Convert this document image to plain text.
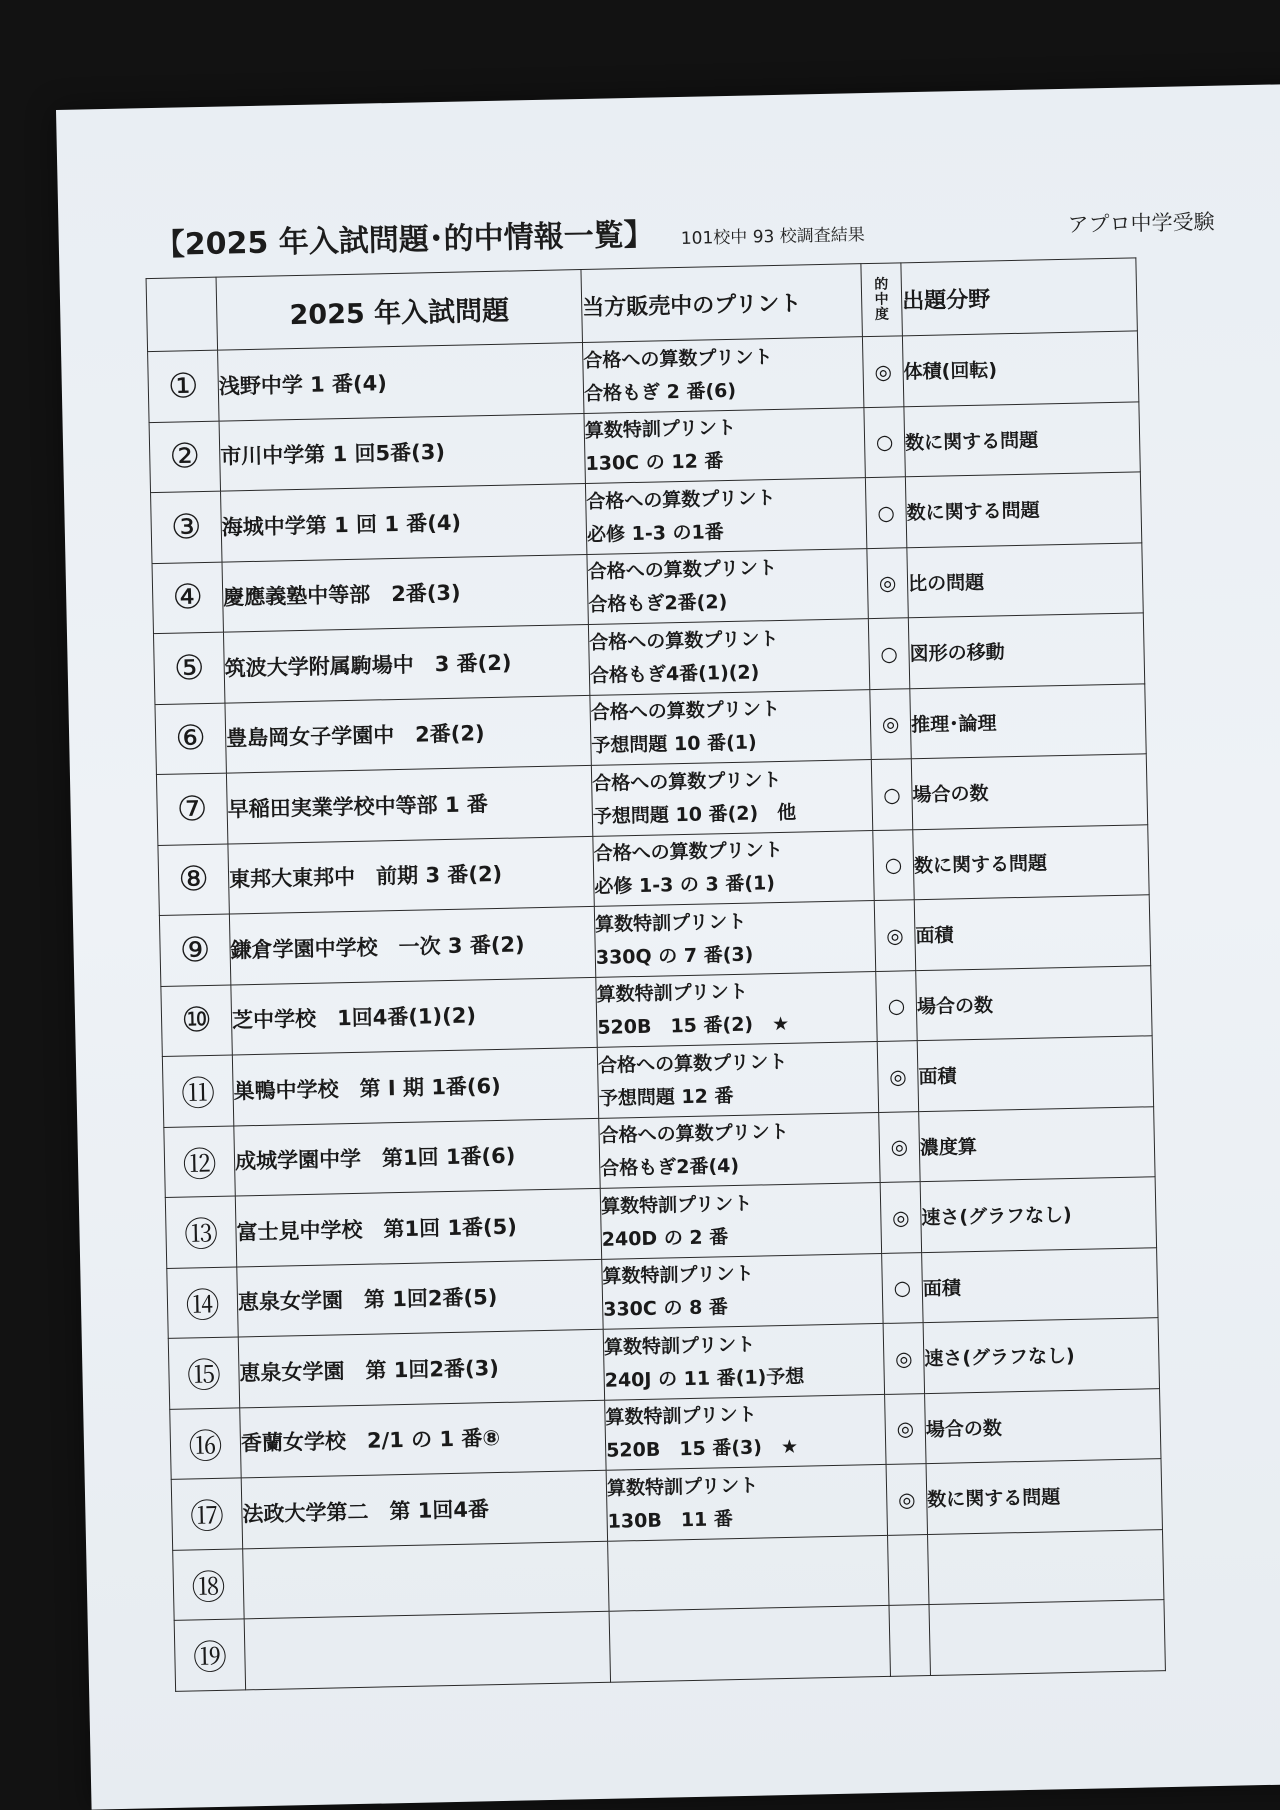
【2025 年入試問題･的中情報一覧】 101校中 93 校調査結果
アプロ中学受験
	2025 年入試問題	当方販売中のプリント	的
中
度	出題分野
①	浅野中学 1 番(4)	合格への算数プリント
合格もぎ 2 番(6)	◎	体積(回転)
②	市川中学第 1 回5番(3)	算数特訓プリント
130C の 12 番	○	数に関する問題
③	海城中学第 1 回 1 番(4)	合格への算数プリント
必修 1-3 の1番	○	数に関する問題
④	慶應義塾中等部　2番(3)	合格への算数プリント
合格もぎ2番(2)	◎	比の問題
⑤	筑波大学附属駒場中　3 番(2)	合格への算数プリント
合格もぎ4番(1)(2)	○	図形の移動
⑥	豊島岡女子学園中　2番(2)	合格への算数プリント
予想問題 10 番(1)	◎	推理･論理
⑦	早稲田実業学校中等部 1 番	合格への算数プリント
予想問題 10 番(2)　他	○	場合の数
⑧	東邦大東邦中　前期 3 番(2)	合格への算数プリント
必修 1-3 の 3 番(1)	○	数に関する問題
⑨	鎌倉学園中学校　一次 3 番(2)	算数特訓プリント
330Q の 7 番(3)	◎	面積
⑩	芝中学校　1回4番(1)(2)	算数特訓プリント
520B　15 番(2)　★	○	場合の数
⑪	巣鴨中学校　第 I 期 1番(6)	合格への算数プリント
予想問題 12 番	◎	面積
⑫	成城学園中学　第1回 1番(6)	合格への算数プリント
合格もぎ2番(4)	◎	濃度算
⑬	富士見中学校　第1回 1番(5)	算数特訓プリント
240D の 2 番	◎	速さ(グラフなし)
⑭	恵泉女学園　第 1回2番(5)	算数特訓プリント
330C の 8 番	○	面積
⑮	恵泉女学園　第 1回2番(3)	算数特訓プリント
240J の 11 番(1)予想	◎	速さ(グラフなし)
⑯	香蘭女学校　2/1 の 1 番⑧	算数特訓プリント
520B　15 番(3)　★	◎	場合の数
⑰	法政大学第二　第 1回4番	算数特訓プリント
130B　11 番	◎	数に関する問題
⑱		

⑲		
